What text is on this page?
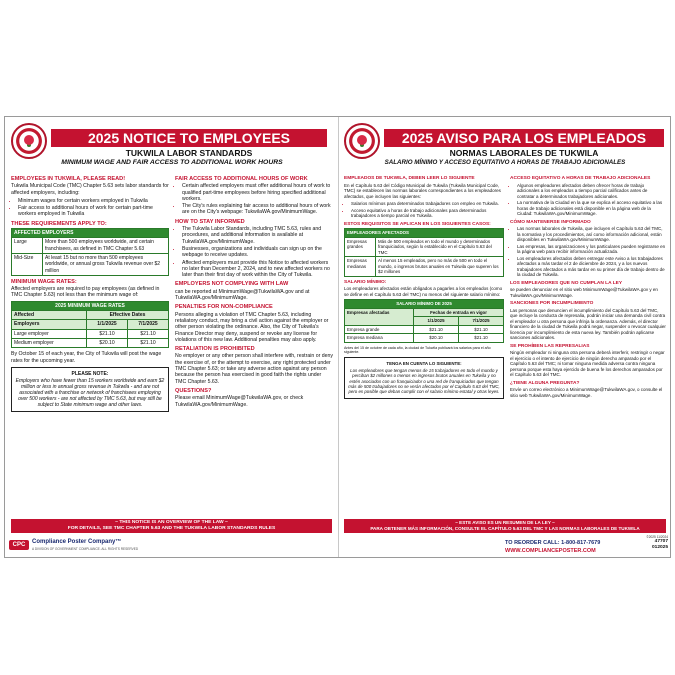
2025 NOTICE TO EMPLOYEES
TUKWILA LABOR STANDARDS
MINIMUM WAGE AND FAIR ACCESS TO ADDITIONAL WORK HOURS
EMPLOYEES IN TUKWILA, PLEASE READ!

Tukwila Municipal Code (TMC) Chapter 5.63 sets labor standards for affected employers, including:

• Minimum wages for certain workers employed in Tukwila
• Fair access to additional hours of work for certain part-time workers employed in Tukwila
THESE REQUIREMENTS APPLY TO:
AFFECTED EMPLOYERS	
Large	More than 500 employees worldwide, and certain franchisees, as defined in TMC Chapter 5.63
Mid-Size	At least 15 but no more than 500 employees worldwide, or annual gross Tukwila revenue over $2 million
MINIMUM WAGE RATES:

Affected employers are required to pay employees (as defined in TMC Chapter 5.63) not less than the minimum wage of:

2025 MINIMUM WAGE RATES		
Affected	Effective Dates	
Employers	1/1/2025	7/1/2025
Large employer	$21.10	$21.10
Medium employer	$20.10	$21.10

By October 15 of each year, the City of Tukwila will post the wage rates for the upcoming year.

PLEASE NOTE:
Employers who have fewer than 15 workers worldwide and earn $2 million or less in annual gross revenue in Tukwila - and are not associated with a franchise or network of franchisees employing over 500 workers - are not affected by TMC 5.63, but may still be subject to State minimum wage and other laws.
FAIR ACCESS TO ADDITIONAL HOURS OF WORK
• Certain affected employers must offer additional hours of work to qualified part-time employees before hiring specified additional workers.
• The City's rules explaining fair access to additional hours of work are on the City's webpage: TukwilaWA.gov/MinimumWage.
HOW TO STAY INFORMED
• The Tukwila Labor Standards, including TMC 5.63, rules and procedures, and additional information is available at TukwilaWA.gov/MinimumWage.
• Businesses, organizations and individuals can sign up on the webpage to receive updates.
• Affected employers must provide this Notice to affected workers no later than December 2, 2024, and to new affected workers no later than their first day of work within the City of Tukwila.
EMPLOYERS NOT COMPLYING WITH LAW

can be reported at MinimumWage@TukwilaWA.gov and at TukwilaWA.gov/MinimumWage.

PENALTIES FOR NON-COMPLIANCE

Persons alleging a violation of TMC Chapter 5.63, including retaliatory conduct, may bring a civil action against the employer or other person violating the ordinance. Also, the City of Tukwila's Finance Director may deny, suspend or revoke any license for violations of this new law. Additional penalties may also apply.

RETALIATION IS PROHIBITED

No employer or any other person shall interfere with, restrain or deny the exercise of, or the attempt to exercise, any right protected under TMC Chapter 5.63; or take any adverse action against any person because the person has exercised in good faith the rights under TMC Chapter 5.63.

QUESTIONS?

Please email MinimumWage@TukwilaWA.gov, or check TukwilaWA.gov/MinimumWage.

~ THIS NOTICE IS AN OVERVIEW OF THE LAW ~
FOR DETAILS, SEE TMC CHAPTER 5.63 AND THE TUKWILA LABOR STANDARDS RULES
2025 AVISO PARA LOS EMPLEADOS
NORMAS LABORALES DE TUKWILA
SALARIO MÍNIMO Y ACCESO EQUITATIVO A HORAS DE TRABAJO ADICIONALES
EMPLEADOS DE TUKWILA, DEBEN LEER LO SIGUIENTE

En el Capítulo 5.63 del Código Municipal de Tukwila (Tukwila Municipal Code, TMC) se establecen las normas laborales correspondientes a los empleadores afectados, que incluyen las siguientes:

• Salarios mínimos para determinados trabajadores con empleo en Tukwila.
• Acceso equitativo a horas de trabajo adicionales para determinados trabajadores a tiempo parcial en Tukwila.
ESTOS REQUISITOS SE APLICAN EN LOS SIGUIENTES CASOS:
EMPLEADORES AFECTADOS	
Empresas grandes	Más de 500 empleados en todo el mundo y determinados franquiciados, según lo establecido en el Capítulo 5.63 del TMC
Empresas medianas	Al menos 15 empleados, pero no más de 500 en todo el mundo, o ingresos brutos anuales en Tukwila que superen los $2 millones
SALARIO MÍNIMO:

Los empleadores afectados están obligados a pagarles a los empleados (como se define en el Capítulo 5.63 del TMC) no menos del siguiente salario mínimo:

SALARIO MÍNIMO DE 2025		
Empresas afectadas	Fechas de entrada en vigor	
	1/1/2025	7/1/2025
Empresa grande	$21.10	$21.10
Empresa mediana	$20.10	$21.10

Antes del 15 de octubre de cada año, la ciudad de Tukwila publicará los salarios para el año siguiente.

TENGA EN CUENTA LO SIGUIENTE:
Los empleadores que tengan menos de 15 trabajadores en todo el mundo y perciban $2 millones o menos en ingresos brutos anuales en Tukwila y no estén asociados con un franquiciador o una red de franquiciados que tengan más de 500 trabajadores no se verán afectados por el Capítulo 5.63 del TMC, pero es posible que deban cumplir con el salario mínimo estatal y otras leyes.
ACCESO EQUITATIVO A HORAS DE TRABAJO ADICIONALES
• Algunos empleadores afectados deben ofrecer horas de trabajo adicionales a los empleados a tiempo parcial calificados antes de contratar a determinados trabajadores adicionales.
• La normativa de la Ciudad en la que se explica el acceso equitativo a las horas de trabajo adicionales está disponible en la página web de la Ciudad: TukwilaWA.gov/MinimumWage.
CÓMO MANTENERSE INFORMADO
• Las normas laborales de Tukwila, que incluyen el Capítulo 5.63 del TMC, la normativa y los procedimientos, así como información adicional, están disponibles en TukwilaWA.gov/MinimumWage.
• Las empresas, las organizaciones y los particulares pueden registrarse en la página web para recibir información actualizada.
• Los empleadores afectados deben entregar este Aviso a los trabajadores afectados a más tardar el 2 de diciembre de 2024, y a los nuevos trabajadores afectados a más tardar en su primer día de trabajo dentro de la ciudad de Tukwila.
LOS EMPLEADORES QUE NO CUMPLAN LA LEY

se pueden denunciar en el sitio web MinimumWage@TukwilaWA.gov y en TukwilaWA.gov/MinimumWage.

SANCIONES POR INCUMPLIMIENTO

Las personas que denuncien el incumplimiento del Capítulo 5.63 del TMC, que incluye la conducta de represalia, podrán iniciar una demanda civil contra el empleador u otra persona que infrinja la ordenanza. Además, el director financiero de la ciudad de Tukwila podrá negar, suspender o revocar cualquier licencia por incumplimiento de esta nueva ley. También podrán aplicarse sanciones adicionales.

SE PROHÍBEN LAS REPRESALIAS

Ningún empleador ni ninguna otra persona deberá interferir, restringir o negar el ejercicio o el intento de ejercicio de ningún derecho amparado por el Capítulo 5.63 del TMC; ni tomar ninguna medida adversa contra ninguna persona porque esta haya ejercido de buena fe los derechos amparados por el Capítulo 5.63 del TMC.

¿TIENE ALGUNA PREGUNTA?

Envíe un correo electrónico a MinimumWage@TukwilaWA.gov, o consulte el sitio web TukwilaWA.gov/MinimumWage.

~ ESTE AVISO ES UN RESUMEN DE LA LEY ~
PARA OBTENER MÁS INFORMACIÓN, CONSULTE EL CAPÍTULO 5.63 DEL TMC Y LAS NORMAS LABORALES DE TUKWILA
CPC	Compliance Poster Company™
A DIVISION OF GOVERNMENT COMPLIANCE. ALL RIGHTS RESERVED
TO REORDER CALL: 1-800-817-7679
WWW.COMPLIANCEPOSTER.COM
©2025 11/2024
47707
012025
